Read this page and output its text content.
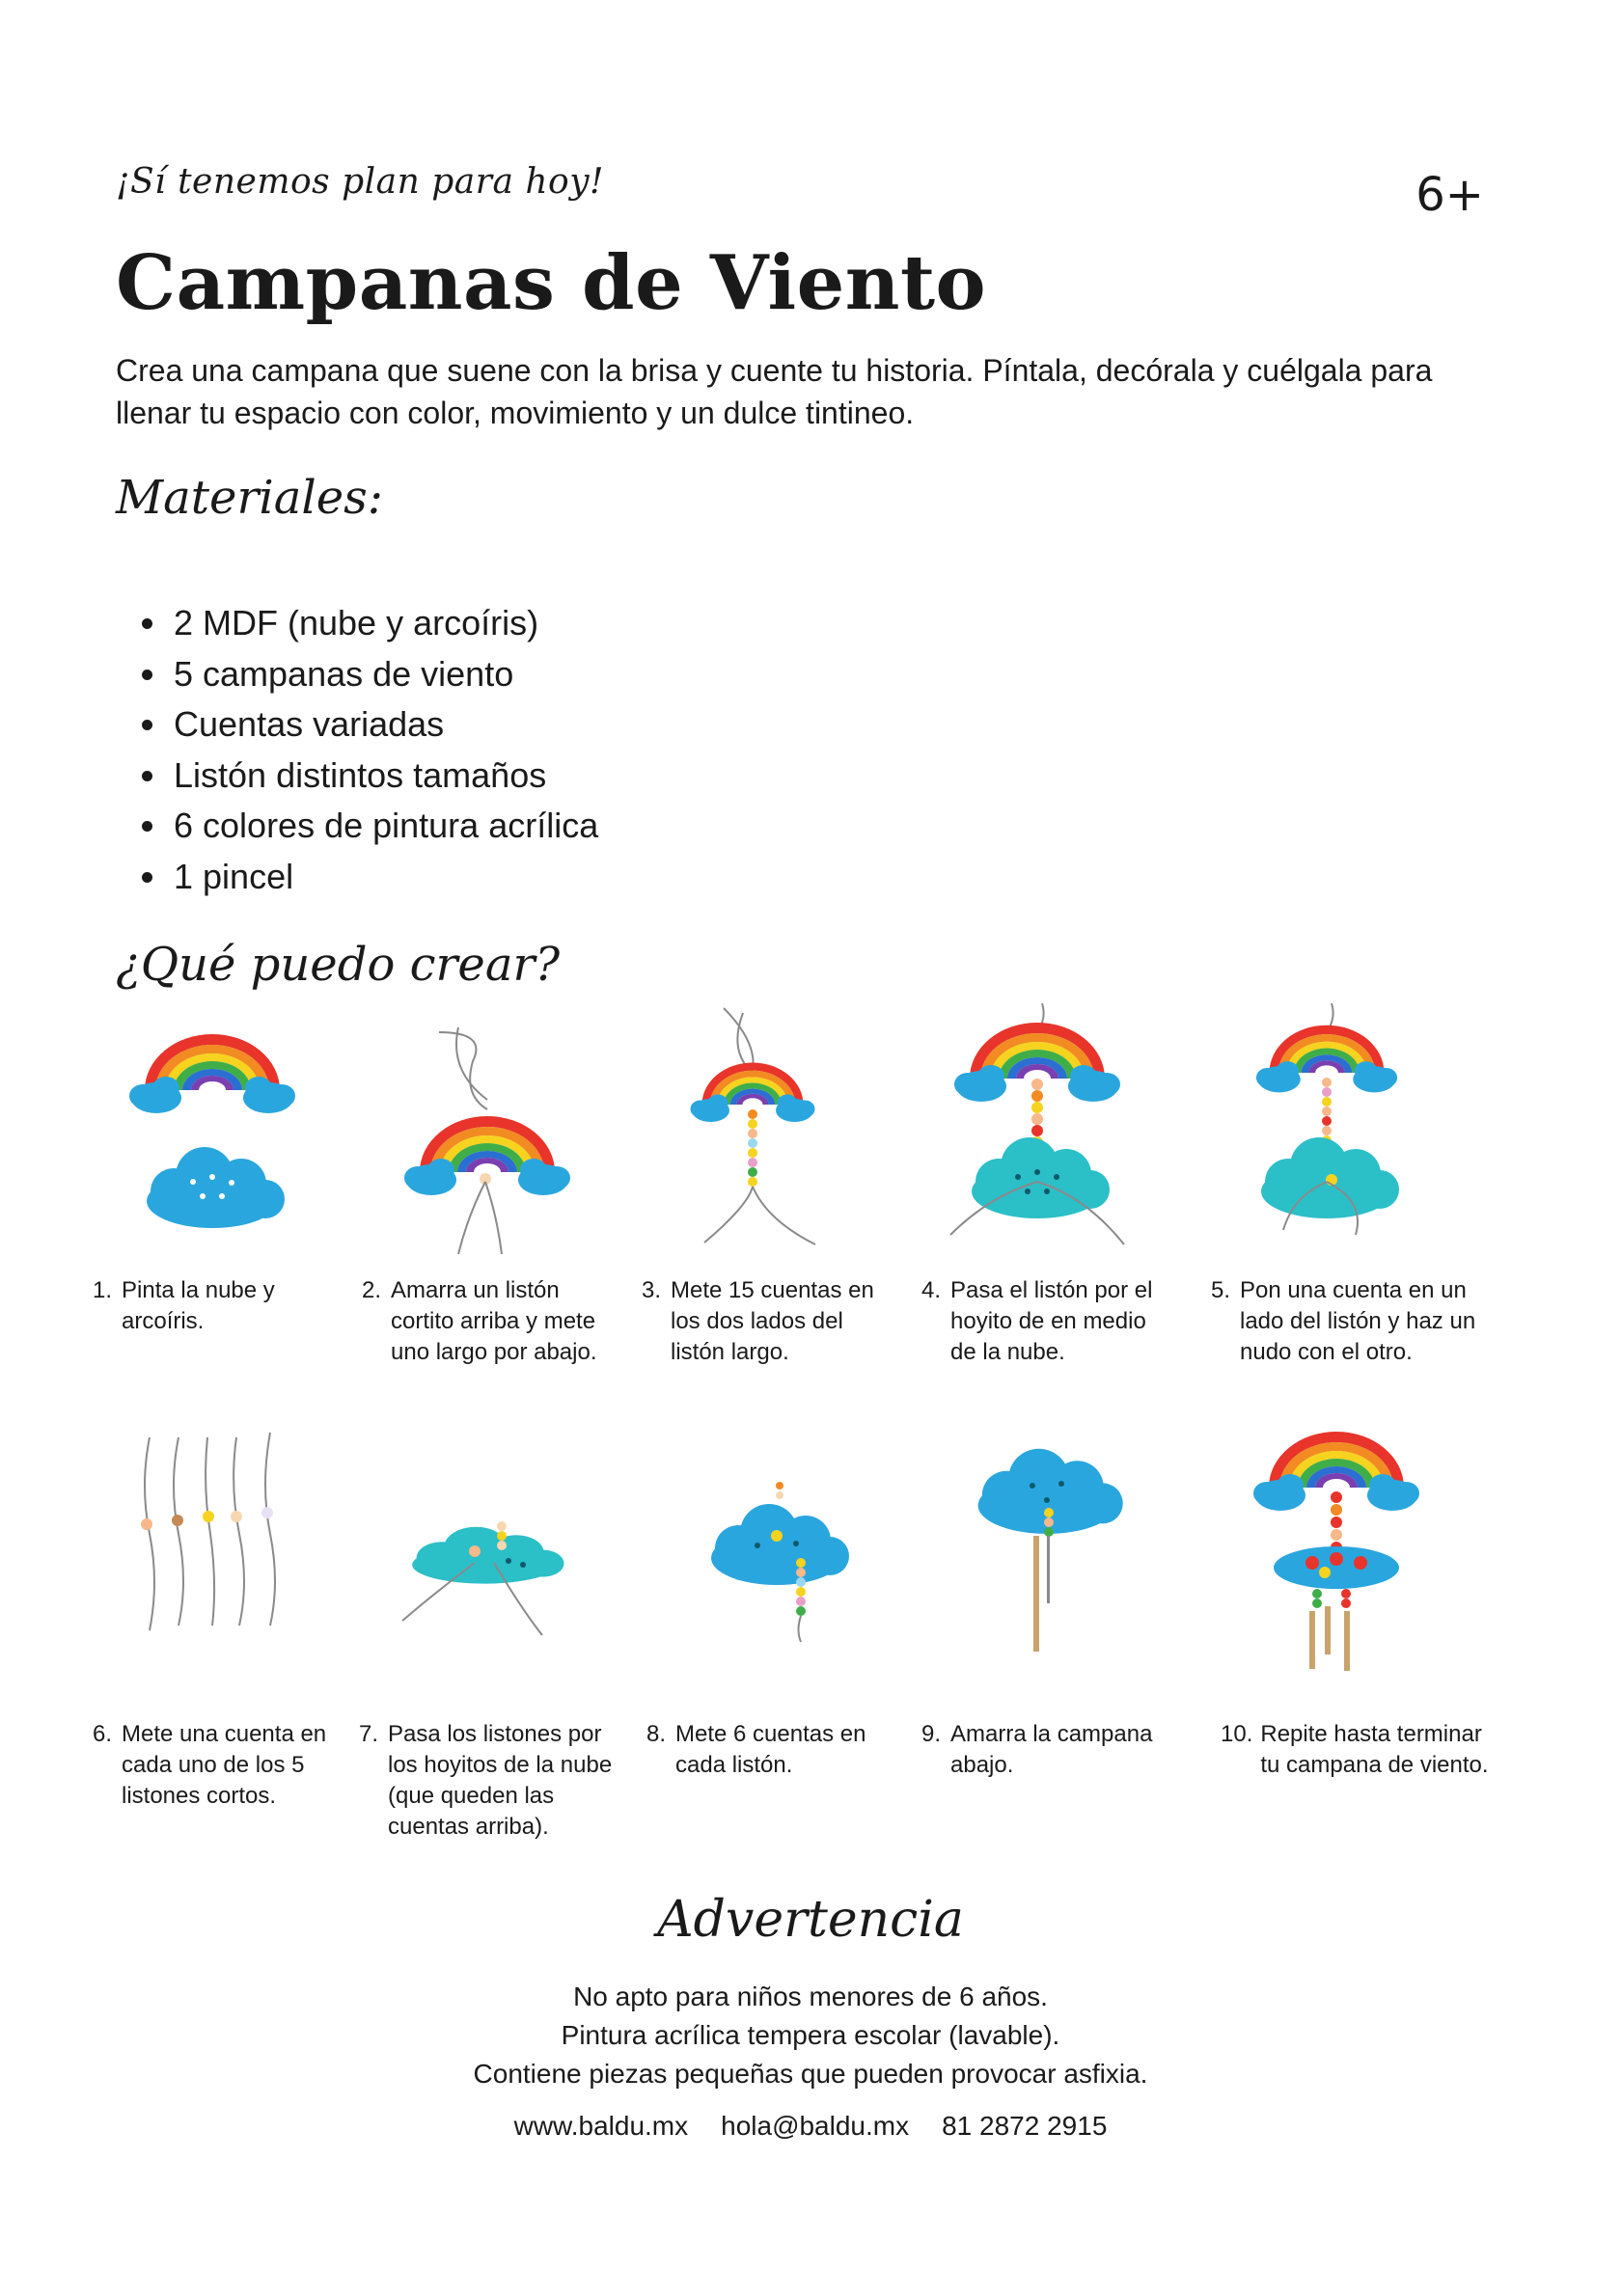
¡Sí tenemos plan para hoy!	6+
Campanas de Viento

Crea una campana que suene con la brisa y cuente tu historia. Píntala, decórala y cuélgala para llenar tu espacio con color, movimiento y un dulce tintineo.

Materiales:
• 2 MDF (nube y arcoíris)
• 5 campanas de viento
• Cuentas variadas
• Listón distintos tamaños
• 6 colores de pintura acrílica
• 1 pincel
¿Qué puedo crear?
1. Pinta la nube y arcoíris.
2. Amarra un listón cortito arriba y mete uno largo por abajo.
3. Mete 15 cuentas en los dos lados del listón largo.
4. Pasa el listón por el hoyito de en medio de la nube.
5. Pon una cuenta en un lado del listón y haz un nudo con el otro.
6. Mete una cuenta en cada uno de los 5 listones cortos.
7. Pasa los listones por los hoyitos de la nube (que queden las cuentas arriba).
8. Mete 6 cuentas en cada listón.
9. Amarra la campana abajo.
10. Repite hasta terminar tu campana de viento.
Advertencia
No apto para niños menores de 6 años.
Pintura acrílica tempera escolar (lavable).
Contiene piezas pequeñas que pueden provocar asfixia.
www.baldu.mx hola@baldu.mx 81 2872 2915
